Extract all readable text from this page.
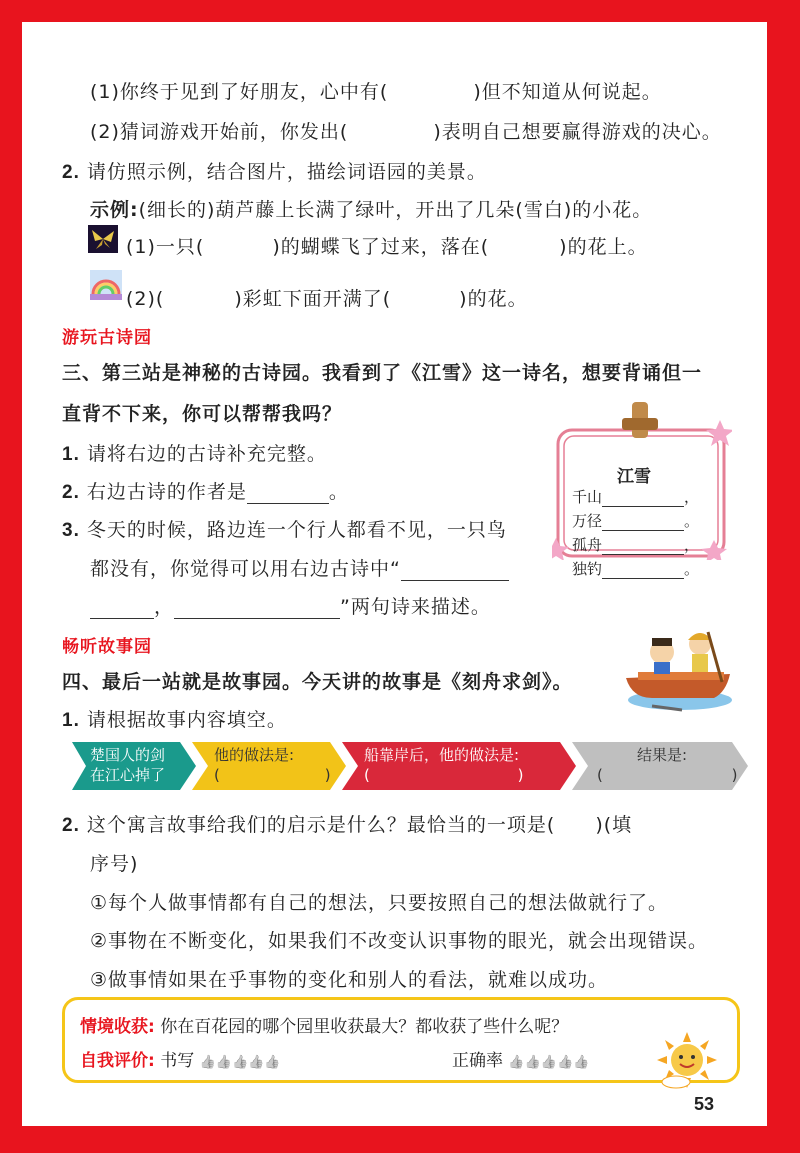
(1)你终于见到了好朋友，心中有(	)但不知道从何说起。
(2)猜词游戏开始前，你发出(	)表明自己想要赢得游戏的决心。
2. 请仿照示例，结合图片，描绘词语园的美景。
示例:(细长的)葫芦藤上长满了绿叶，开出了几朵(雪白)的小花。
(1)一只(	)的蝴蝶飞了过来，落在(	)的花上。
(2)(	)彩虹下面开满了(	)的花。
游玩古诗园
三、第三站是神秘的古诗园。我看到了《江雪》这一诗名，想要背诵但一
直背不下来，你可以帮帮我吗？
1. 请将右边的古诗补充完整。
2. 右边古诗的作者是	。
3. 冬天的时候，路边连一个行人都看不见，一只鸟
都没有，你觉得可以用右边古诗中“
，	”两句诗来描述。
江雪
千山	，
万径	。
孤舟	，
独钓	。
畅听故事园
四、最后一站就是故事园。今天讲的故事是《刻舟求剑》。
1. 请根据故事内容填空。
楚国人的剑
在江心掉了
他的做法是:
(                      )
船靠岸后，他的做法是:
(                               )
结果是:
(                           )
2. 这个寓言故事给我们的启示是什么？最恰当的一项是( )(填
序号)
①每个人做事情都有自己的想法，只要按照自己的想法做就行了。
②事物在不断变化，如果我们不改变认识事物的眼光，就会出现错误。
③做事情如果在乎事物的变化和别人的看法，就难以成功。
情境收获: 你在百花园的哪个园里收获最大？都收获了些什么呢？
自我评价: 书写 👍👍👍👍👍	正确率 👍👍👍👍👍
53
